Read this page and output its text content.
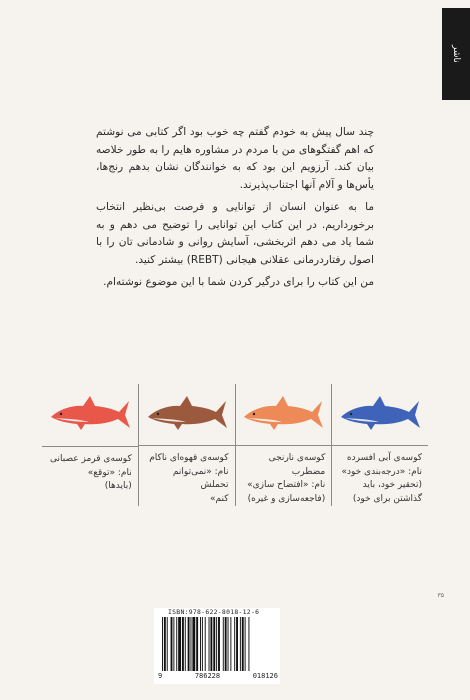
ناشر
۳۵

چند سال پیش به خودم گفتم چه خوب بود اگر کتابی می نوشتم که اهم گفتگوهای من با مردم در مشاوره هایم را به طور خلاصه بیان کند. آرزویم این بود که به خوانندگان نشان بدهم رنج‌ها، یأس‌ها و آلام آنها اجتناب‌پذیر‌ند.

ما به عنوان انسان از توانایی و فرصت بی‌نظیر انتخاب برخورداریم. در این کتاب این توانایی را توضیح می دهم و به شما یاد می دهم اثربخشی، آسایش روانی و شادمانی تان را با اصول رفتاردرمانی عقلانی هیجانی (REBT) بیشتر کنید.

من این کتاب را برای درگیر کردن شما با این موضوع نوشته‌ام.

کوسه‌ی آبی افسرده
نام: «درجه‌بندی خود»
(تحقیر خود، باید
گذاشتن برای خود)
کوسه‌ی نارنجی
مضطرب
نام: «افتضاح سازی»
(فاجعه‌سازی و غیره)
کوسه‌ی قهوه‌ای ناکام
نام: «نمی‌توانم تحملش
کنم»
کوسه‌ی قرمز عصبانی
نام: «توقع»
(بایدها)
ISBN:978-622-8018-12-6
9	786228	018126
